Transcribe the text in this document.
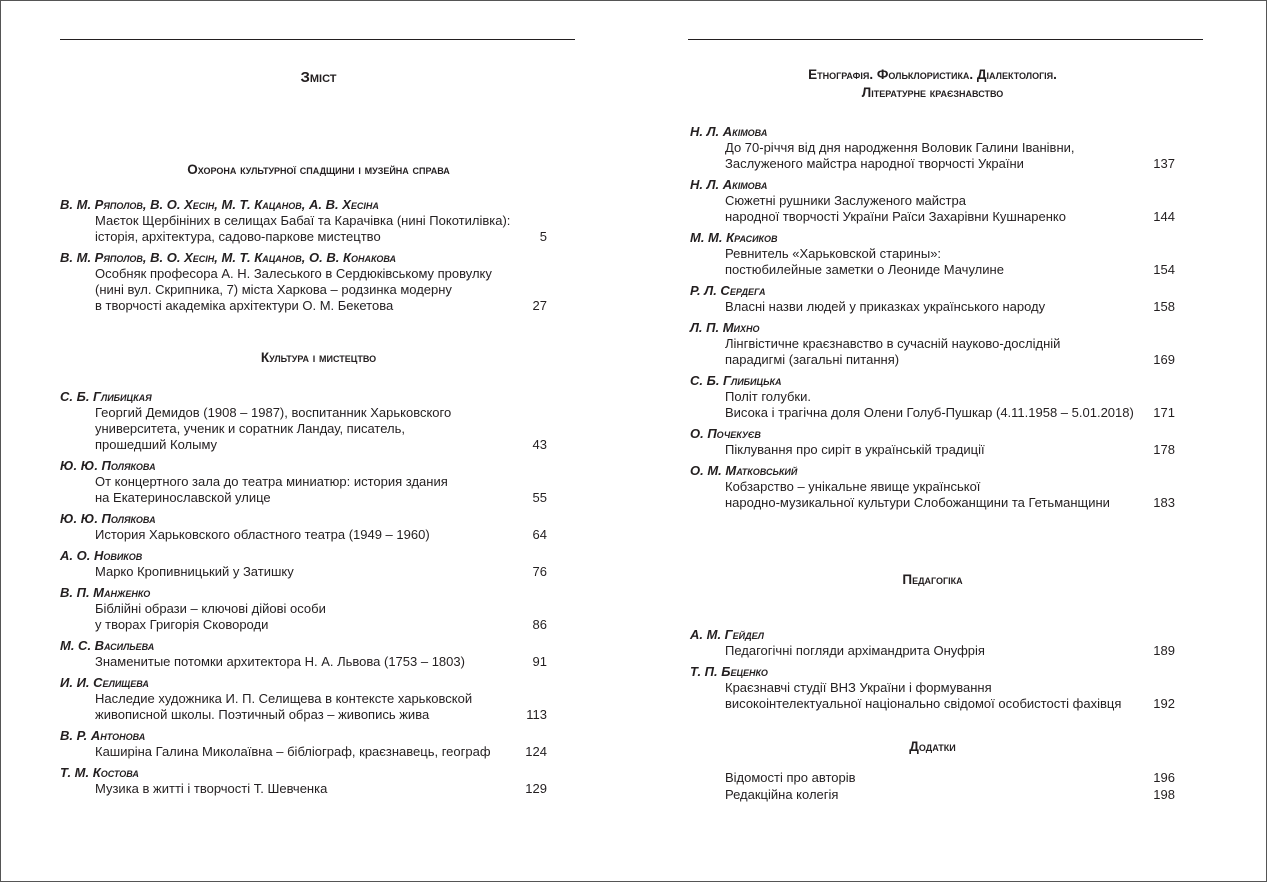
Зміст
Охорона культурної спадщини і музейна справа
В. М. Ряполов, В. О. Хесін, М. Т. Кацанов, А. В. Хесіна
Маєток Щербініних в селищах Бабаї та Карачівка (нині Покотилівка):
історія, архітектура, садово-паркове мистецтво	5
В. М. Ряполов, В. О. Хесін, М. Т. Кацанов, О. В. Конакова
Особняк професора А. Н. Залеського в Сердюківському провулку
(нині вул. Скрипника, 7) міста Харкова – родзинка модерну
в творчості академіка архітектури О. М. Бекетова	27
Культура і мистецтво
С. Б. Глибицкая
Георгий Демидов (1908 – 1987), воспитанник Харьковского
университета, ученик и соратник Ландау, писатель,
прошедший Колыму	43
Ю. Ю. Полякова
От концертного зала до театра миниатюр: история здания
на Екатеринославской улице	55
Ю. Ю. Полякова
История Харьковского областного театра (1949 – 1960)	64
А. О. Новиков
Марко Кропивницький у Затишку	76
В. П. Манженко
Біблійні образи – ключові дійові особи
у творах Григорія Сковороди	86
М. С. Васильева
Знаменитые потомки архитектора Н. А. Львова (1753 – 1803)	91
И. И. Селищева
Наследие художника И. П. Селищева в контексте харьковской
живописной школы. Поэтичный образ – живопись жива	113
В. Р. Антонова
Каширіна Галина Миколаївна – бібліограф, краєзнавець, географ	124
Т. М. Костова
Музика в житті і творчості Т. Шевченка	129
Етнографія. Фольклористика. Діалектологія.
Літературне краєзнавство
Н. Л. Акімова
До 70-річчя від дня народження Воловик Галини Іванівни,
Заслуженого майстра народної творчості України	137
Н. Л. Акімова
Сюжетні рушники Заслуженого майстра
народної творчості України Раїси Захарівни Кушнаренко	144
М. М. Красиков
Ревнитель «Харьковской старины»:
постюбилейные заметки о Леониде Мачулине	154
Р. Л. Сердега
Власні назви людей у приказках українського народу	158
Л. П. Михно
Лінгвістичне краєзнавство в сучасній науково-дослідній
парадигмі (загальні питання)	169
С. Б. Глибицька
Політ голубки.
Висока і трагічна доля Олени Голуб-Пушкар (4.11.1958 – 5.01.2018)	171
О. Почекуєв
Піклування про сиріт в українській традиції	178
О. М. Матковський
Кобзарство – унікальне явище української
народно-музикальної культури Слобожанщини та Гетьманщини	183
Педагогіка
А. М. Гейдел
Педагогічні погляди архімандрита Онуфрія	189
Т. П. Беценко
Краєзнавчі студії ВНЗ України і формування
високоінтелектуальної національно свідомої особистості фахівця	192
Додатки
Відомості про авторів	196
Редакційна колегія	198
